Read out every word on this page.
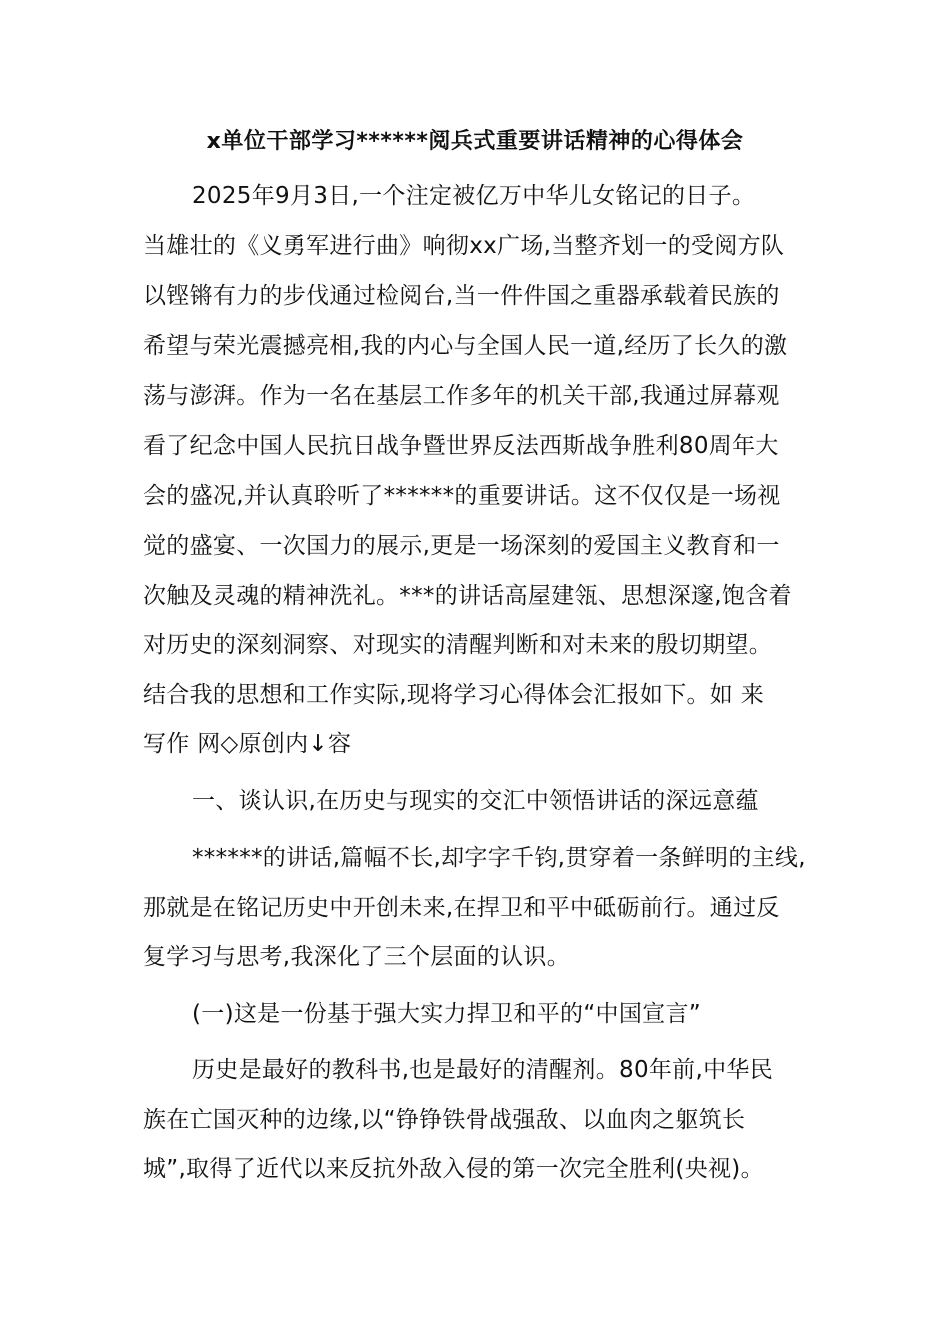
x单位干部学习******阅兵式重要讲话精神的心得体会
2025年9月3日,一个注定被亿万中华儿女铭记的日子。
当雄壮的《义勇军进行曲》响彻xx广场,当整齐划一的受阅方队
以铿锵有力的步伐通过检阅台,当一件件国之重器承载着民族的
希望与荣光震撼亮相,我的内心与全国人民一道,经历了长久的激
荡与澎湃。作为一名在基层工作多年的机关干部,我通过屏幕观
看了纪念中国人民抗日战争暨世界反法西斯战争胜利80周年大
会的盛况,并认真聆听了******的重要讲话。这不仅仅是一场视
觉的盛宴、一次国力的展示,更是一场深刻的爱国主义教育和一
次触及灵魂的精神洗礼。***的讲话高屋建瓴、思想深邃,饱含着
对历史的深刻洞察、对现实的清醒判断和对未来的殷切期望。
结合我的思想和工作实际,现将学习心得体会汇报如下。如 来
写作 网◇原创内↓容
一、谈认识,在历史与现实的交汇中领悟讲话的深远意蕴
******的讲话,篇幅不长,却字字千钧,贯穿着一条鲜明的主线,
那就是在铭记历史中开创未来,在捍卫和平中砥砺前行。通过反
复学习与思考,我深化了三个层面的认识。
(一)这是一份基于强大实力捍卫和平的“中国宣言”
历史是最好的教科书,也是最好的清醒剂。80年前,中华民
族在亡国灭种的边缘,以“铮铮铁骨战强敌、以血肉之躯筑长
城”,取得了近代以来反抗外敌入侵的第一次完全胜利(央视)。
